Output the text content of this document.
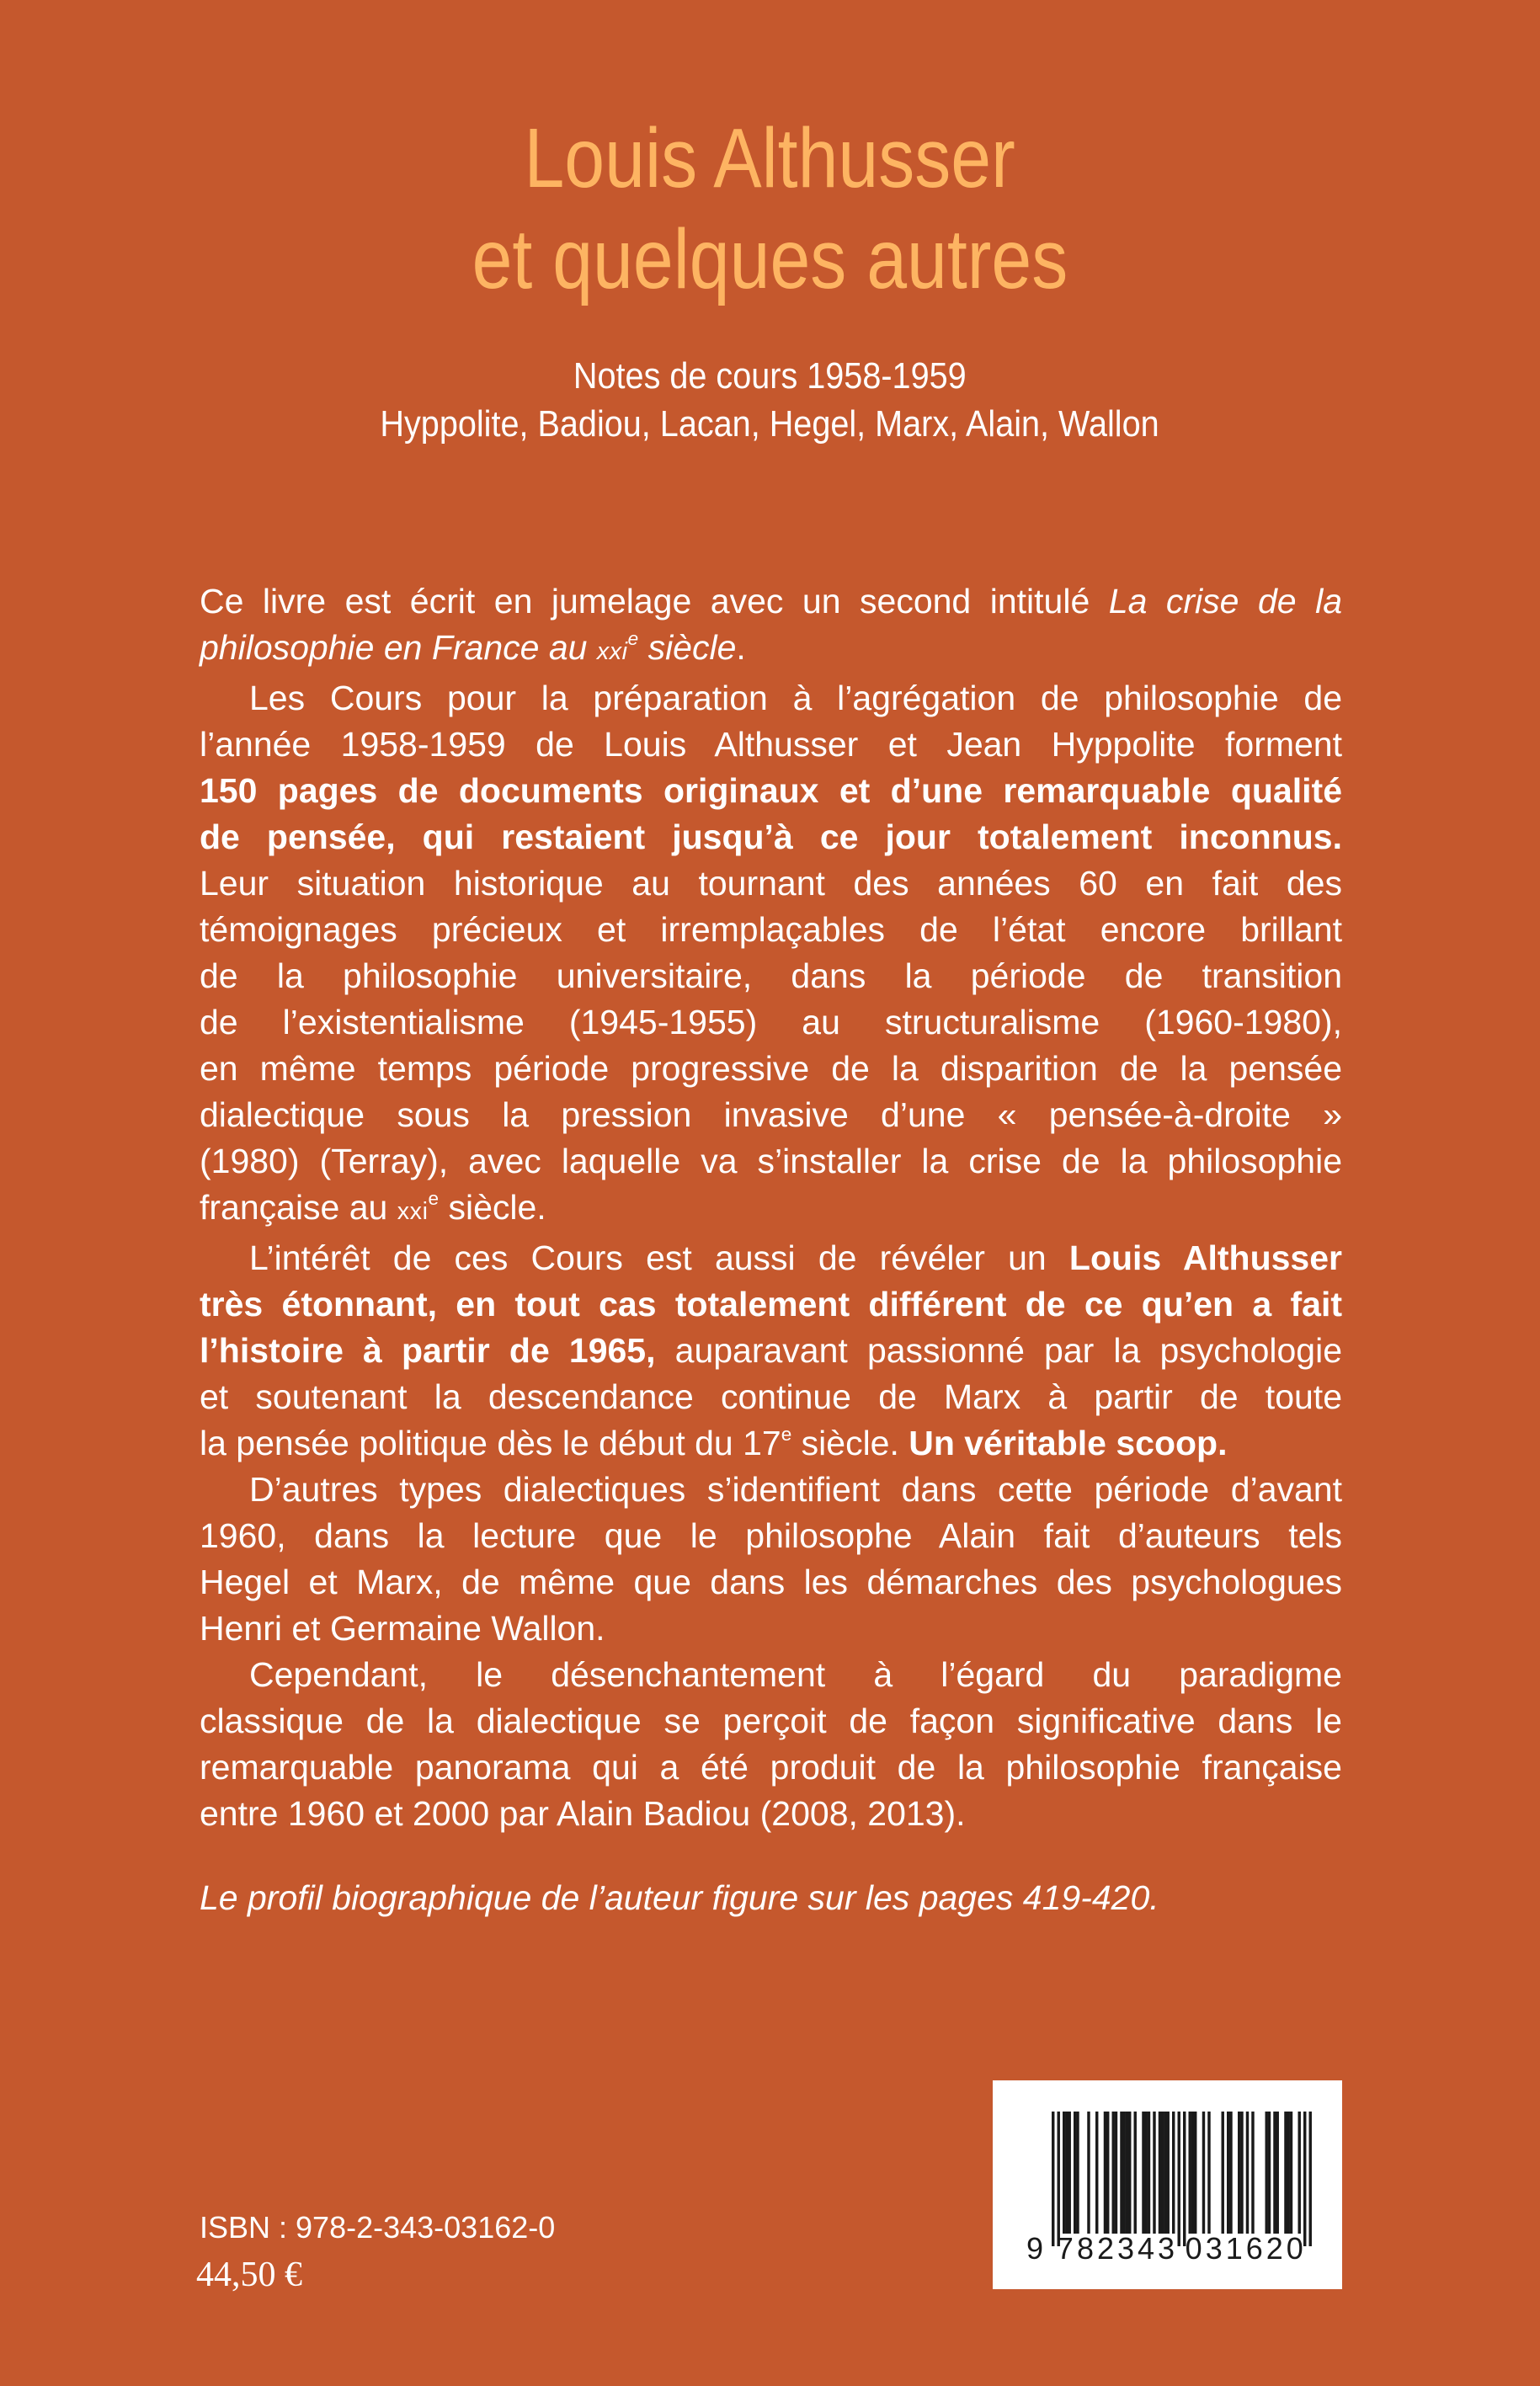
Louis Althusser
et quelques autres
Notes de cours 1958-1959
Hyppolite, Badiou, Lacan, Hegel, Marx, Alain, Wallon
Ce livre est écrit en jumelage avec un second intitulé La crise de la
philosophie en France au xxi$^e$ siècle.
Les Cours pour la préparation à l’agrégation de philosophie de
l’année 1958-1959 de Louis Althusser et Jean Hyppolite forment
150 pages de documents originaux et d’une remarquable qualité
de pensée, qui restaient jusqu’à ce jour totalement inconnus.
Leur situation historique au tournant des années 60 en fait des
témoignages précieux et irremplaçables de l’état encore brillant
de la philosophie universitaire, dans la période de transition
de l’existentialisme (1945-1955) au structuralisme (1960-1980),
en même temps période progressive de la disparition de la pensée
dialectique sous la pression invasive d’une « pensée-à-droite »
(1980) (Terray), avec laquelle va s’installer la crise de la philosophie
française au xxi$^e$ siècle.
L’intérêt de ces Cours est aussi de révéler un Louis Althusser
très étonnant, en tout cas totalement différent de ce qu’en a fait
l’histoire à partir de 1965, auparavant passionné par la psychologie
et soutenant la descendance continue de Marx à partir de toute
la pensée politique dès le début du 17e siècle. Un véritable scoop.
D’autres types dialectiques s’identifient dans cette période d’avant
1960, dans la lecture que le philosophe Alain fait d’auteurs tels
Hegel et Marx, de même que dans les démarches des psychologues
Henri et Germaine Wallon.
Cependant, le désenchantement à l’égard du paradigme
classique de la dialectique se perçoit de façon significative dans le
remarquable panorama qui a été produit de la philosophie française
entre 1960 et 2000 par Alain Badiou (2008, 2013).
Le profil biographique de l’auteur figure sur les pages 419-420.
ISBN : 978-2-343-03162-0
44,50 €
9 782343 031620
